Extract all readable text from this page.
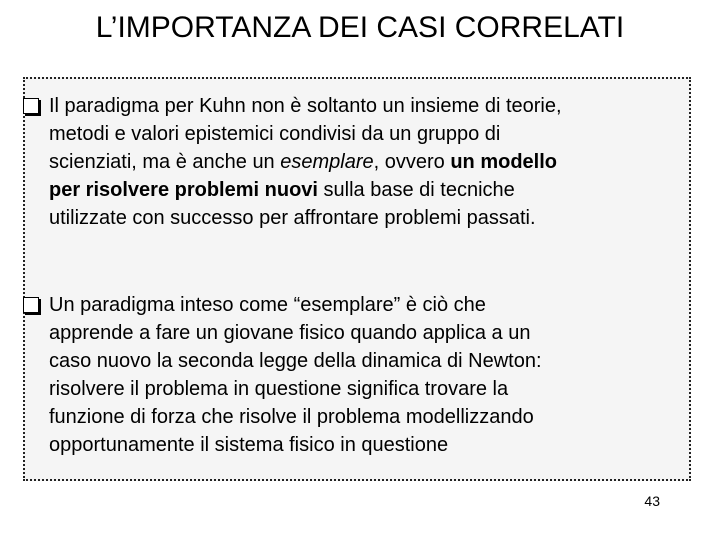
L’IMPORTANZA DEI CASI CORRELATI
Il paradigma per Kuhn non è soltanto un insieme di teorie,
metodi e valori epistemici condivisi da un gruppo di
scienziati, ma è anche un esemplare, ovvero un modello
per risolvere problemi nuovi sulla base di tecniche
utilizzate con successo per affrontare problemi passati.
Un paradigma inteso come “esemplare” è ciò che
apprende a fare un giovane fisico quando applica a un
caso nuovo la seconda legge della dinamica di Newton:
risolvere il problema in questione significa trovare la
funzione di forza che risolve il problema modellizzando
opportunamente il sistema fisico in questione
43
